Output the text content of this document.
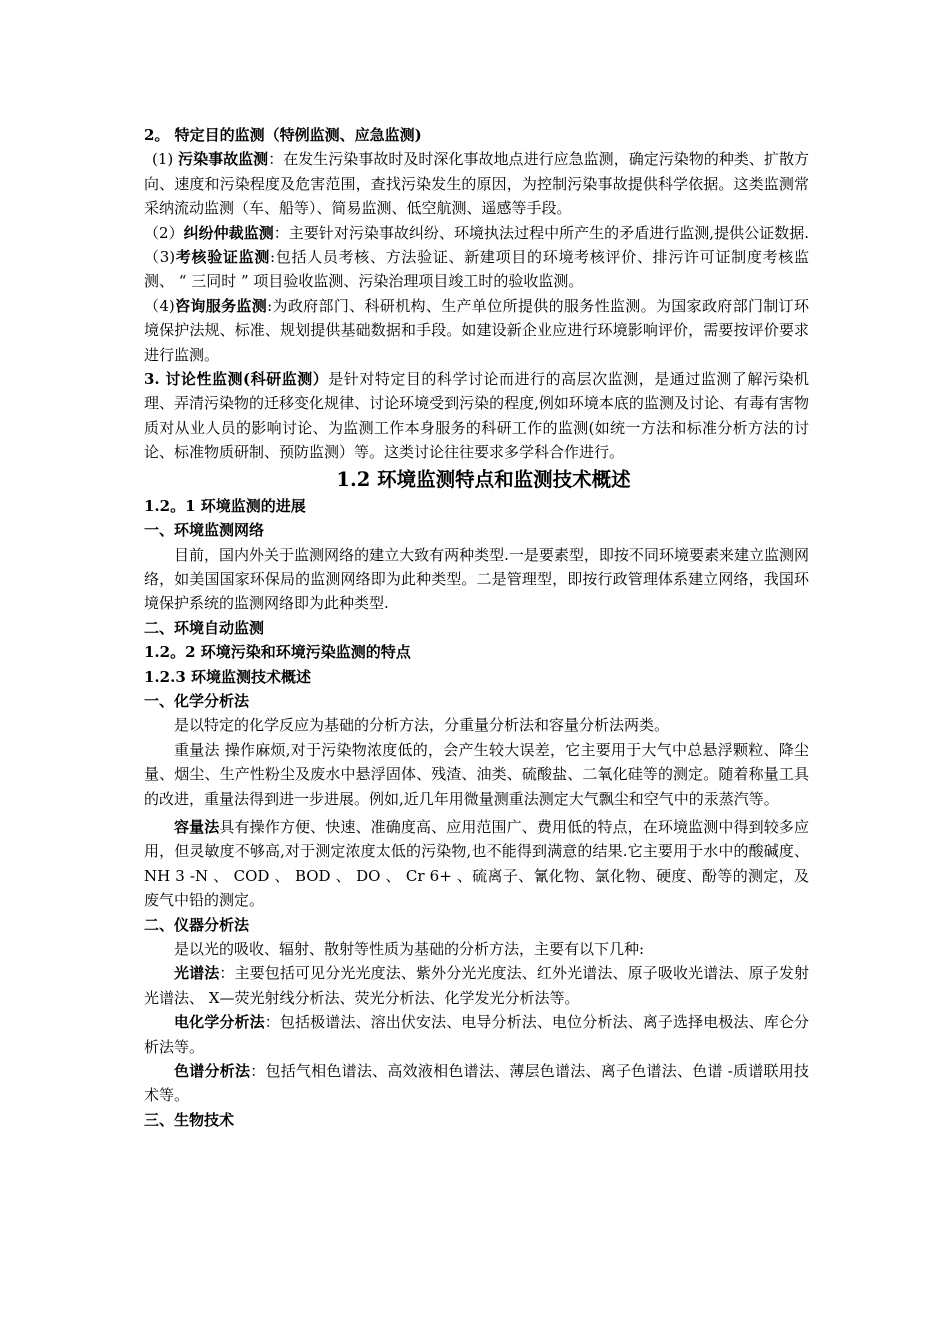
2。 特定目的监测（特例监测、应急监测)

(1) 污染事故监测：在发生污染事故时及时深化事故地点进行应急监测，确定污染物的种类、扩散方向、速度和污染程度及危害范围，查找污染发生的原因，为控制污染事故提供科学依据。这类监测常采纳流动监测（车、船等）、简易监测、低空航测、遥感等手段。

（2）纠纷仲裁监测：主要针对污染事故纠纷、环境执法过程中所产生的矛盾进行监测,提供公证数据.（3)考核验证监测:包括人员考核、方法验证、新建项目的环境考核评价、排污许可证制度考核监测、 “ 三同时 ” 项目验收监测、污染治理项目竣工时的验收监测。

（4)咨询服务监测:为政府部门、科研机构、生产单位所提供的服务性监测。为国家政府部门制订环境保护法规、标准、规划提供基础数据和手段。如建设新企业应进行环境影响评价，需要按评价要求进行监测。

3. 讨论性监测(科研监测）是针对特定目的科学讨论而进行的高层次监测，是通过监测了解污染机理、弄清污染物的迁移变化规律、讨论环境受到污染的程度,例如环境本底的监测及讨论、有毒有害物质对从业人员的影响讨论、为监测工作本身服务的科研工作的监测(如统一方法和标准分析方法的讨论、标准物质研制、预防监测）等。这类讨论往往要求多学科合作进行。

1.2 环境监测特点和监测技术概述

1.2。1 环境监测的进展

一、环境监测网络

目前，国内外关于监测网络的建立大致有两种类型.一是要素型，即按不同环境要素来建立监测网络，如美国国家环保局的监测网络即为此种类型。二是管理型，即按行政管理体系建立网络，我国环境保护系统的监测网络即为此种类型.

二、环境自动监测

1.2。2 环境污染和环境污染监测的特点

1.2.3 环境监测技术概述

一、化学分析法

是以特定的化学反应为基础的分析方法，分重量分析法和容量分析法两类。

重量法 操作麻烦,对于污染物浓度低的，会产生较大误差，它主要用于大气中总悬浮颗粒、降尘量、烟尘、生产性粉尘及废水中悬浮固体、残渣、油类、硫酸盐、二氧化硅等的测定。随着称量工具的改进，重量法得到进一步进展。例如,近几年用微量测重法测定大气飘尘和空气中的汞蒸汽等。

容量法具有操作方便、快速、准确度高、应用范围广、费用低的特点，在环境监测中得到较多应用，但灵敏度不够高,对于测定浓度太低的污染物,也不能得到满意的结果.它主要用于水中的酸碱度、 NH 3 -N 、 COD 、 BOD 、 DO 、 Cr 6+ 、硫离子、氰化物、氯化物、硬度、酚等的测定，及废气中铅的测定。

二、仪器分析法

是以光的吸收、辐射、散射等性质为基础的分析方法，主要有以下几种:

光谱法：主要包括可见分光光度法、紫外分光光度法、红外光谱法、原子吸收光谱法、原子发射光谱法、 X—荧光射线分析法、荧光分析法、化学发光分析法等。

电化学分析法：包括极谱法、溶出伏安法、电导分析法、电位分析法、离子选择电极法、库仑分析法等。

色谱分析法：包括气相色谱法、高效液相色谱法、薄层色谱法、离子色谱法、色谱 -质谱联用技术等。

三、生物技术
